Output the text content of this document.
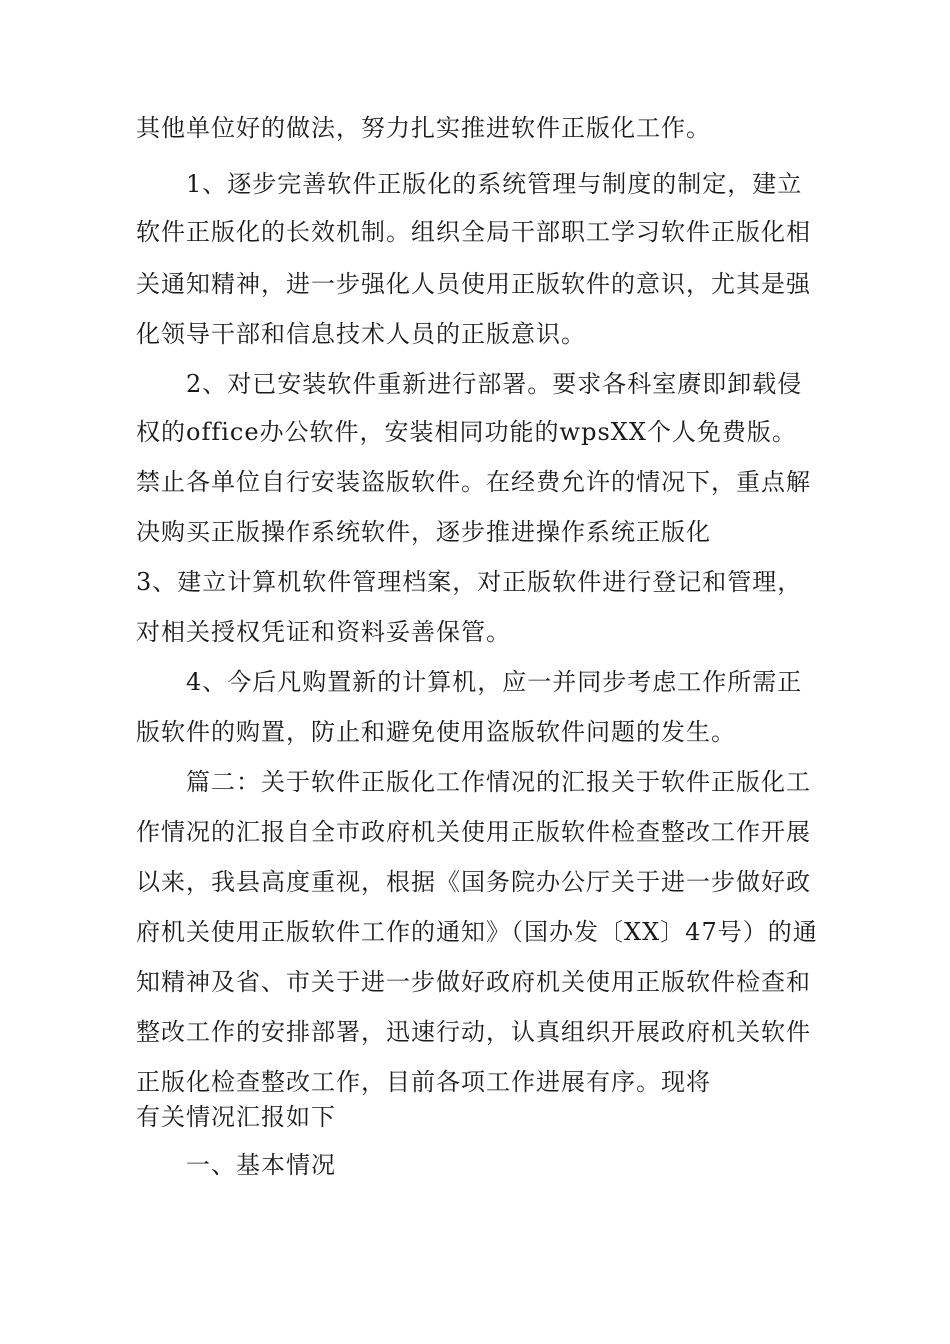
其他单位好的做法，努力扎实推进软件正版化工作。
1、逐步完善软件正版化的系统管理与制度的制定，建立
软件正版化的长效机制。组织全局干部职工学习软件正版化相
关通知精神，进一步强化人员使用正版软件的意识，尤其是强
化领导干部和信息技术人员的正版意识。
2、对已安装软件重新进行部署。要求各科室赓即卸载侵
权的office办公软件，安装相同功能的wpsXX个人免费版。
禁止各单位自行安装盗版软件。在经费允许的情况下，重点解
决购买正版操作系统软件，逐步推进操作系统正版化
3、建立计算机软件管理档案，对正版软件进行登记和管理，
对相关授权凭证和资料妥善保管。
4、今后凡购置新的计算机，应一并同步考虑工作所需正
版软件的购置，防止和避免使用盗版软件问题的发生。
篇二：关于软件正版化工作情况的汇报关于软件正版化工
作情况的汇报自全市政府机关使用正版软件检查整改工作开展
以来，我县高度重视，根据《国务院办公厅关于进一步做好政
府机关使用正版软件工作的通知》（国办发〔XX〕47号）的通
知精神及省、市关于进一步做好政府机关使用正版软件检查和
整改工作的安排部署，迅速行动，认真组织开展政府机关软件
正版化检查整改工作，目前各项工作进展有序。现将
有关情况汇报如下
一、基本情况
